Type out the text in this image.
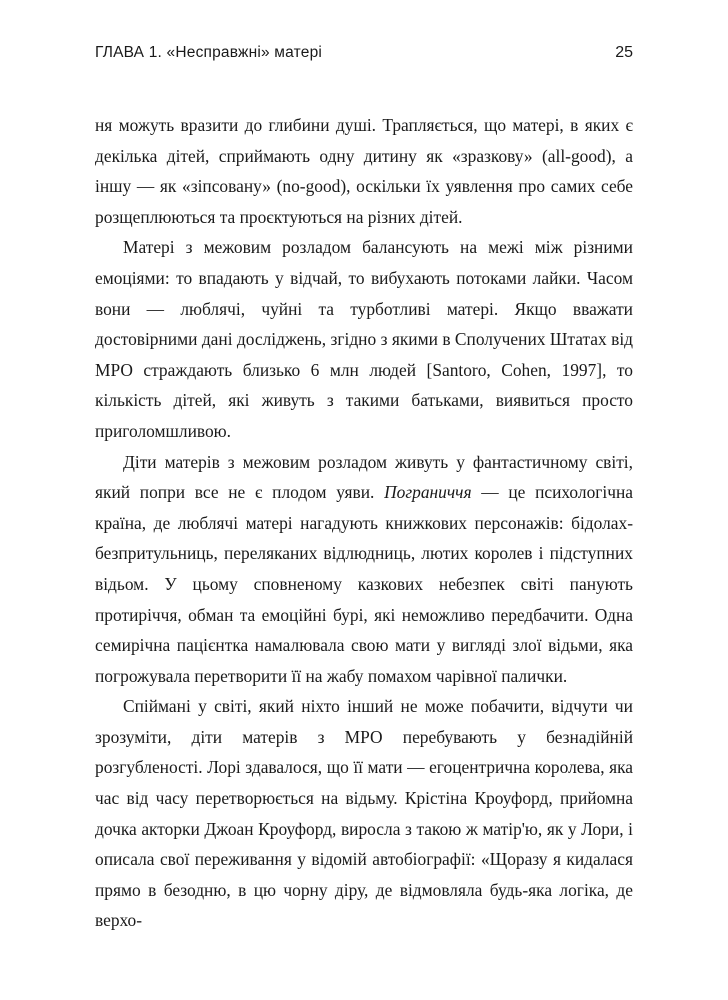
ГЛАВА 1. «Несправжні» матері	25

ня можуть вразити до глибини душі. Трапляється, що матері, в яких є декілька дітей, сприймають одну дитину як «зразкову» (all-good), а іншу — як «зіпсовану» (no-good), оскільки їх уявлення про самих себе розщеплюються та проєктуються на різних дітей.

Матері з межовим розладом балансують на межі між різними емоціями: то впадають у відчай, то вибухають потоками лайки. Часом вони — люблячі, чуйні та турботливі матері. Якщо вважати достовірними дані досліджень, згідно з якими в Сполучених Штатах від МРО страждають близько 6 млн людей [Santoro, Cohen, 1997], то кількість дітей, які живуть з такими батьками, виявиться просто приголомшливою.

Діти матерів з межовим розладом живуть у фантастичному світі, який попри все не є плодом уяви. Пограниччя — це психологічна країна, де люблячі матері нагадують книжкових персонажів: бідолах-безпритульниць, переляканих відлюдниць, лютих королев і підступних відьом. У цьому сповненому казкових небезпек світі панують протиріччя, обман та емоційні бурі, які неможливо передбачити. Одна семирічна пацієнтка намалювала свою мати у вигляді злої відьми, яка погрожувала перетворити її на жабу помахом чарівної палички.

Спіймані у світі, який ніхто інший не може побачити, відчути чи зрозуміти, діти матерів з МРО перебувають у безнадійній розгубленості. Лорі здавалося, що її мати — егоцентрична королева, яка час від часу перетворюється на відьму. Крістіна Кроуфорд, прийомна дочка акторки Джоан Кроуфорд, виросла з такою ж матір'ю, як у Лори, і описала свої переживання у відомій автобіографії: «Щоразу я кидалася прямо в безодню, в цю чорну діру, де відмовляла будь-яка логіка, де верхо-
